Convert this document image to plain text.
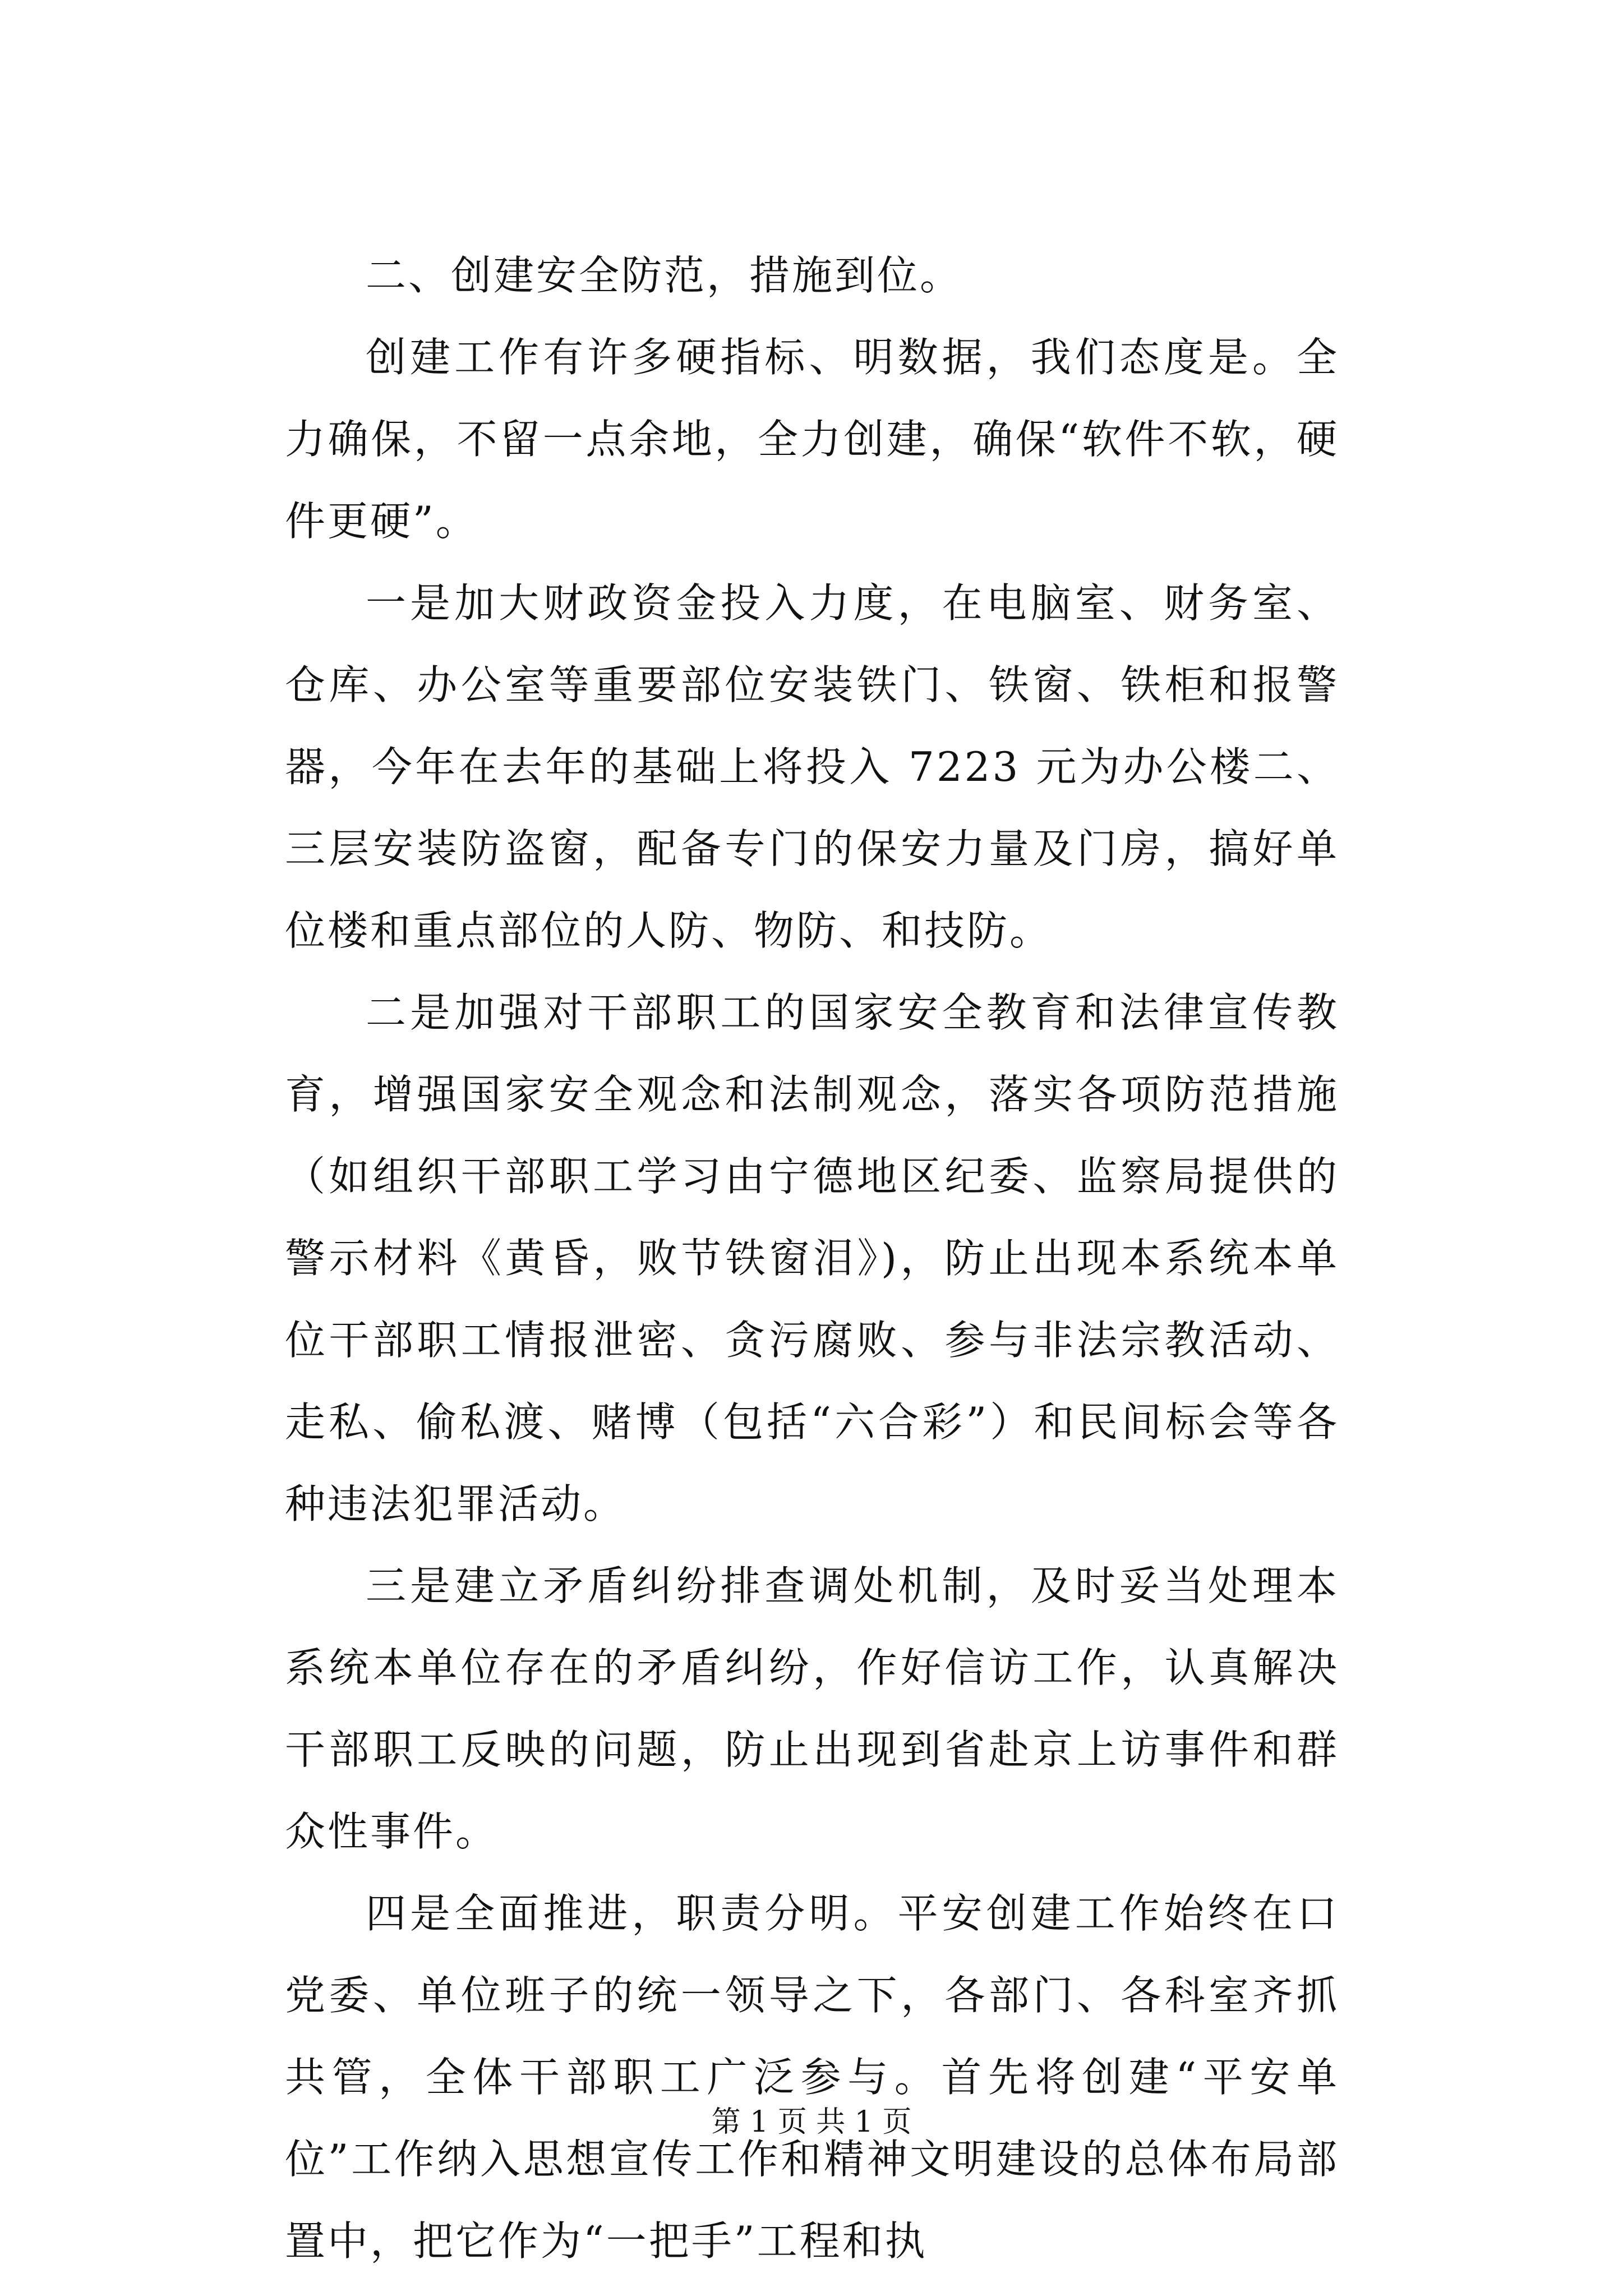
二、创建安全防范，措施到位。

创建工作有许多硬指标、明数据，我们态度是。全力确保，不留一点余地，全力创建，确保“软件不软，硬件更硬”。

一是加大财政资金投入力度，在电脑室、财务室、仓库、办公室等重要部位安装铁门、铁窗、铁柜和报警器，今年在去年的基础上将投入 7223 元为办公楼二、三层安装防盗窗，配备专门的保安力量及门房，搞好单位楼和重点部位的人防、物防、和技防。

二是加强对干部职工的国家安全教育和法律宣传教育，增强国家安全观念和法制观念，落实各项防范措施（如组织干部职工学习由宁德地区纪委、监察局提供的警示材料《黄昏，败节铁窗泪》)，防止出现本系统本单位干部职工情报泄密、贪污腐败、参与非法宗教活动、走私、偷私渡、赌博（包括“六合彩”）和民间标会等各种违法犯罪活动。

三是建立矛盾纠纷排查调处机制，及时妥当处理本系统本单位存在的矛盾纠纷，作好信访工作，认真解决干部职工反映的问题，防止出现到省赴京上访事件和群众性事件。

四是全面推进，职责分明。平安创建工作始终在口党委、单位班子的统一领导之下，各部门、各科室齐抓共管，全体干部职工广泛参与。首先将创建“平安单位”工作纳入思想宣传工作和精神文明建设的总体布局部置中，把它作为“一把手”工程和执

第 1 页 共 1 页
